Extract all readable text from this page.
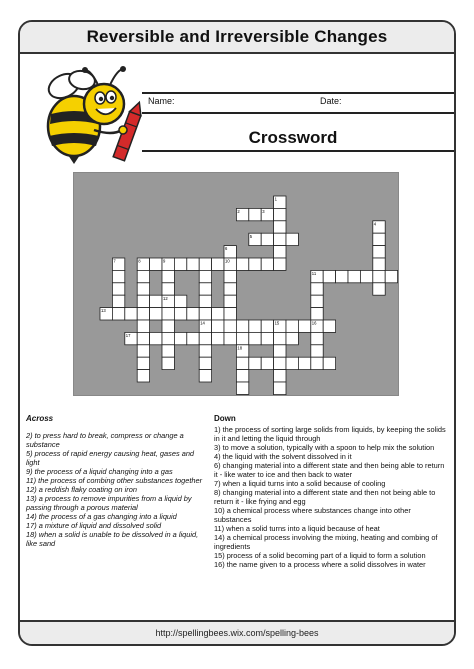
Reversible and Irreversible Changes
Name:	Date:
Crossword
Solve the puzzles to complete the crossword
1
2	3
4
5
6
7	8	9	10
11
12
13
14	15	16
17
18
Across

2) to press hard to break, compress or change a substance

5) process of rapid energy causing heat, gases and light

9) the process of a liquid changing into a gas

11) the process of combing other substances together

12) a reddish flaky coating on iron

13) a process to remove impurities from a liquid by passing through a porous material

14) the process of a gas changing into a liquid

17) a mixture of liquid and dissolved solid

18) when a solid is unable to be dissolved in a liquid, like sand

Down

1) the process of sorting large solids from liquids, by keeping the solids in it and letting the liquid through

3) to move a solution, typically with a spoon to help mix the solution

4) the liquid with the solvent dissolved in it

6) changing material into a different state and then being able to return it - like water to ice and then back to water

7) when a liquid turns into a solid because of cooling

8) changing material into a different state and then not being able to return it - like frying and egg

10) a chemical process where substances change into other substances

11) when a solid turns into a liquid because of heat

14) a chemical process involving the mixing, heating and combing of ingredients

15) process of a solid becoming part of a liquid to form a solution

16) the name given to a process where a solid dissolves in water

http://spellingbees.wix.com/spelling-bees
